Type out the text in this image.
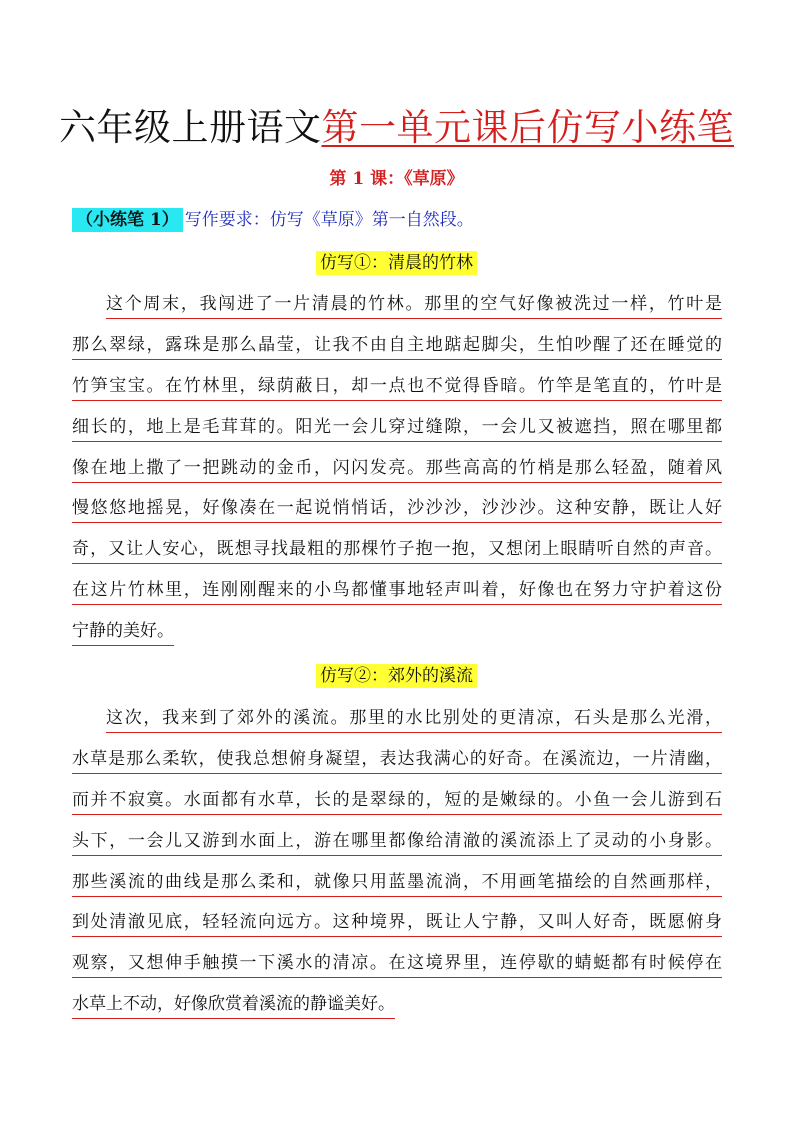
六年级上册语文第一单元课后仿写小练笔
第 1 课：《草原》
（小练笔 1） 写作要求：仿写《草原》第一自然段。
仿写①：清晨的竹林
这个周末，我闯进了一片清晨的竹林。那里的空气好像被洗过一样，竹叶是
那么翠绿，露珠是那么晶莹，让我不由自主地踮起脚尖，生怕吵醒了还在睡觉的
竹笋宝宝。在竹林里，绿荫蔽日，却一点也不觉得昏暗。竹竿是笔直的，竹叶是
细长的，地上是毛茸茸的。阳光一会儿穿过缝隙，一会儿又被遮挡，照在哪里都
像在地上撒了一把跳动的金币，闪闪发亮。那些高高的竹梢是那么轻盈，随着风
慢悠悠地摇晃，好像凑在一起说悄悄话，沙沙沙，沙沙沙。这种安静，既让人好
奇，又让人安心，既想寻找最粗的那棵竹子抱一抱，又想闭上眼睛听自然的声音。
在这片竹林里，连刚刚醒来的小鸟都懂事地轻声叫着，好像也在努力守护着这份
宁静的美好。
仿写②：郊外的溪流
这次，我来到了郊外的溪流。那里的水比别处的更清凉，石头是那么光滑，
水草是那么柔软，使我总想俯身凝望，表达我满心的好奇。在溪流边，一片清幽，
而并不寂寞。水面都有水草，长的是翠绿的，短的是嫩绿的。小鱼一会儿游到石
头下，一会儿又游到水面上，游在哪里都像给清澈的溪流添上了灵动的小身影。
那些溪流的曲线是那么柔和，就像只用蓝墨流淌，不用画笔描绘的自然画那样，
到处清澈见底，轻轻流向远方。这种境界，既让人宁静，又叫人好奇，既愿俯身
观察，又想伸手触摸一下溪水的清凉。在这境界里，连停歇的蜻蜓都有时候停在
水草上不动，好像欣赏着溪流的静谧美好。
